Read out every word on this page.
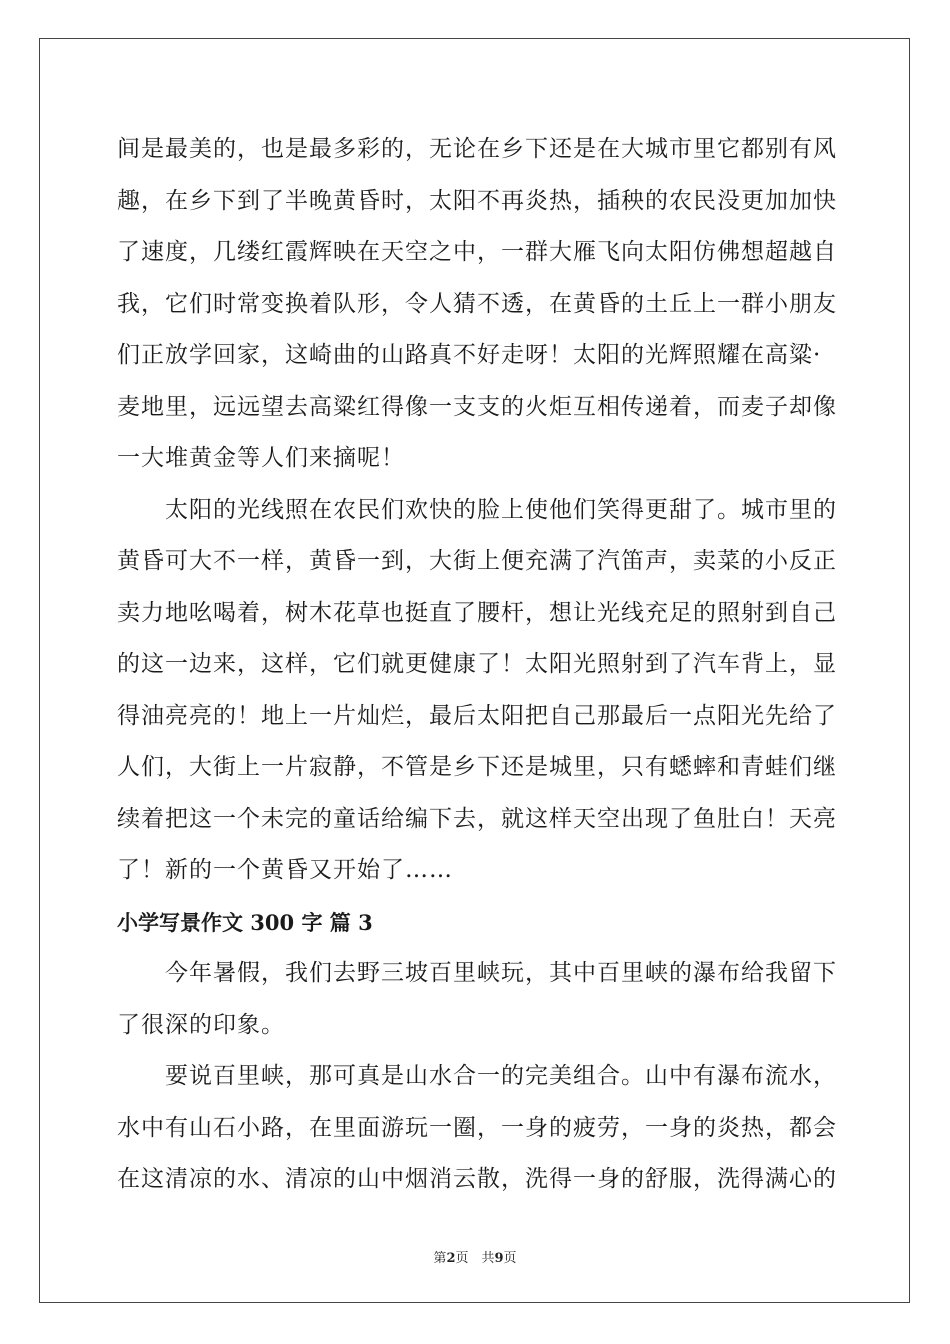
间是最美的，也是最多彩的，无论在乡下还是在大城市里它都别有风

趣，在乡下到了半晚黄昏时，太阳不再炎热，插秧的农民没更加加快

了速度，几缕红霞辉映在天空之中，一群大雁飞向太阳仿佛想超越自

我，它们时常变换着队形，令人猜不透，在黄昏的土丘上一群小朋友

们正放学回家，这崎曲的山路真不好走呀！太阳的光辉照耀在高粱·

麦地里，远远望去高粱红得像一支支的火炬互相传递着，而麦子却像

一大堆黄金等人们来摘呢！

　　太阳的光线照在农民们欢快的脸上使他们笑得更甜了。城市里的

黄昏可大不一样，黄昏一到，大街上便充满了汽笛声，卖菜的小反正

卖力地吆喝着，树木花草也挺直了腰杆，想让光线充足的照射到自己

的这一边来，这样，它们就更健康了！太阳光照射到了汽车背上，显

得油亮亮的！地上一片灿烂，最后太阳把自己那最后一点阳光先给了

人们，大街上一片寂静，不管是乡下还是城里，只有蟋蟀和青蛙们继

续着把这一个未完的童话给编下去，就这样天空出现了鱼肚白！天亮

了！新的一个黄昏又开始了……

小学写景作文 300 字 篇 3

　　今年暑假，我们去野三坡百里峡玩，其中百里峡的瀑布给我留下

了很深的印象。

　　要说百里峡，那可真是山水合一的完美组合。山中有瀑布流水，

水中有山石小路，在里面游玩一圈，一身的疲劳，一身的炎热，都会

在这清凉的水、清凉的山中烟消云散，洗得一身的舒服，洗得满心的

第2页　共9页
